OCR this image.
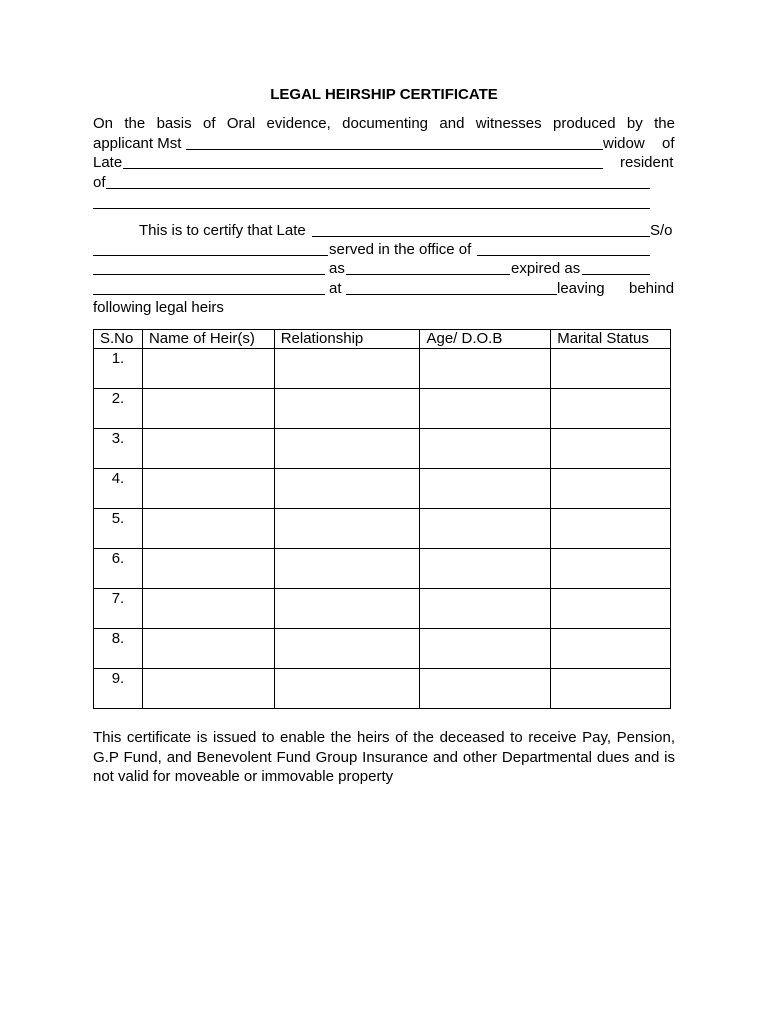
LEGAL HEIRSHIP CERTIFICATE
On the basis of Oral evidence, documenting and witnesses produced by the
applicant Mst	widow of
Late	resident
of
This is to certify that Late	S/o
served in the office of
as	expired as
at	leaving behind
following legal heirs
S.No	Name of Heir(s)	Relationship	Age/ D.O.B	Marital Status
1.				
2.				
3.				
4.				
5.				
6.				
7.				
8.				
9.				
This certificate is issued to enable the heirs of the deceased to receive Pay, Pension, G.P Fund, and Benevolent Fund Group Insurance and other Departmental dues and is not valid for moveable or immovable property
